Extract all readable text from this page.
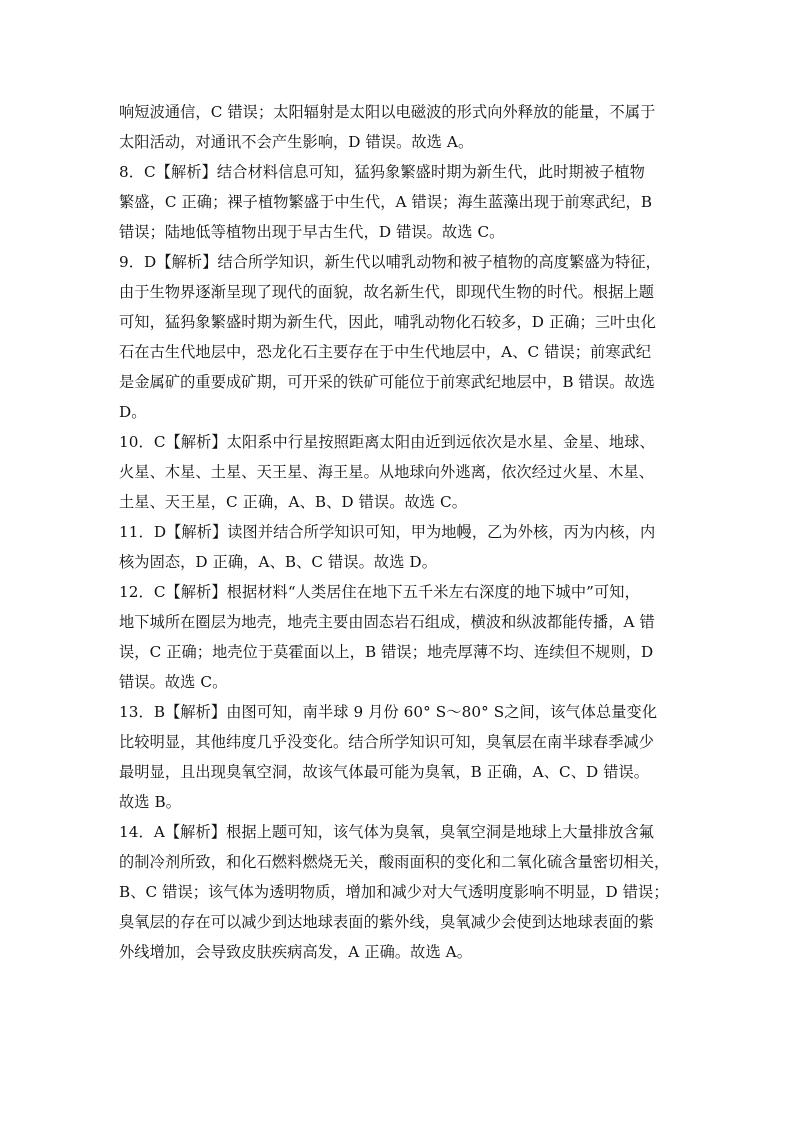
响短波通信，C 错误；太阳辐射是太阳以电磁波的形式向外释放的能量，不属于
太阳活动，对通讯不会产生影响，D 错误。故选 A。
8．C【解析】结合材料信息可知，猛犸象繁盛时期为新生代，此时期被子植物
繁盛，C 正确；裸子植物繁盛于中生代，A 错误；海生蓝藻出现于前寒武纪，B
错误；陆地低等植物出现于早古生代，D 错误。故选 C。
9．D【解析】结合所学知识，新生代以哺乳动物和被子植物的高度繁盛为特征，
由于生物界逐渐呈现了现代的面貌，故名新生代，即现代生物的时代。根据上题
可知，猛犸象繁盛时期为新生代，因此，哺乳动物化石较多，D 正确；三叶虫化
石在古生代地层中，恐龙化石主要存在于中生代地层中，A、C 错误；前寒武纪
是金属矿的重要成矿期，可开采的铁矿可能位于前寒武纪地层中，B 错误。故选
D。
10．C【解析】太阳系中行星按照距离太阳由近到远依次是水星、金星、地球、
火星、木星、土星、天王星、海王星。从地球向外逃离，依次经过火星、木星、
土星、天王星，C 正确，A、B、D 错误。故选 C。
11．D【解析】读图并结合所学知识可知，甲为地幔，乙为外核，丙为内核，内
核为固态，D 正确，A、B、C 错误。故选 D。
12．C【解析】根据材料“人类居住在地下五千米左右深度的地下城中”可知，
地下城所在圈层为地壳，地壳主要由固态岩石组成，横波和纵波都能传播，A 错
误，C 正确；地壳位于莫霍面以上，B 错误；地壳厚薄不均、连续但不规则，D
错误。故选 C。
13．B【解析】由图可知，南半球 9 月份 60° S～80° S之间，该气体总量变化
比较明显，其他纬度几乎没变化。结合所学知识可知，臭氧层在南半球春季减少
最明显，且出现臭氧空洞，故该气体最可能为臭氧，B 正确，A、C、D 错误。
故选 B。
14．A【解析】根据上题可知，该气体为臭氧，臭氧空洞是地球上大量排放含氟
的制冷剂所致，和化石燃料燃烧无关，酸雨面积的变化和二氧化硫含量密切相关，
B、C 错误；该气体为透明物质，增加和减少对大气透明度影响不明显，D 错误；
臭氧层的存在可以减少到达地球表面的紫外线，臭氧减少会使到达地球表面的紫
外线增加，会导致皮肤疾病高发，A 正确。故选 A。
